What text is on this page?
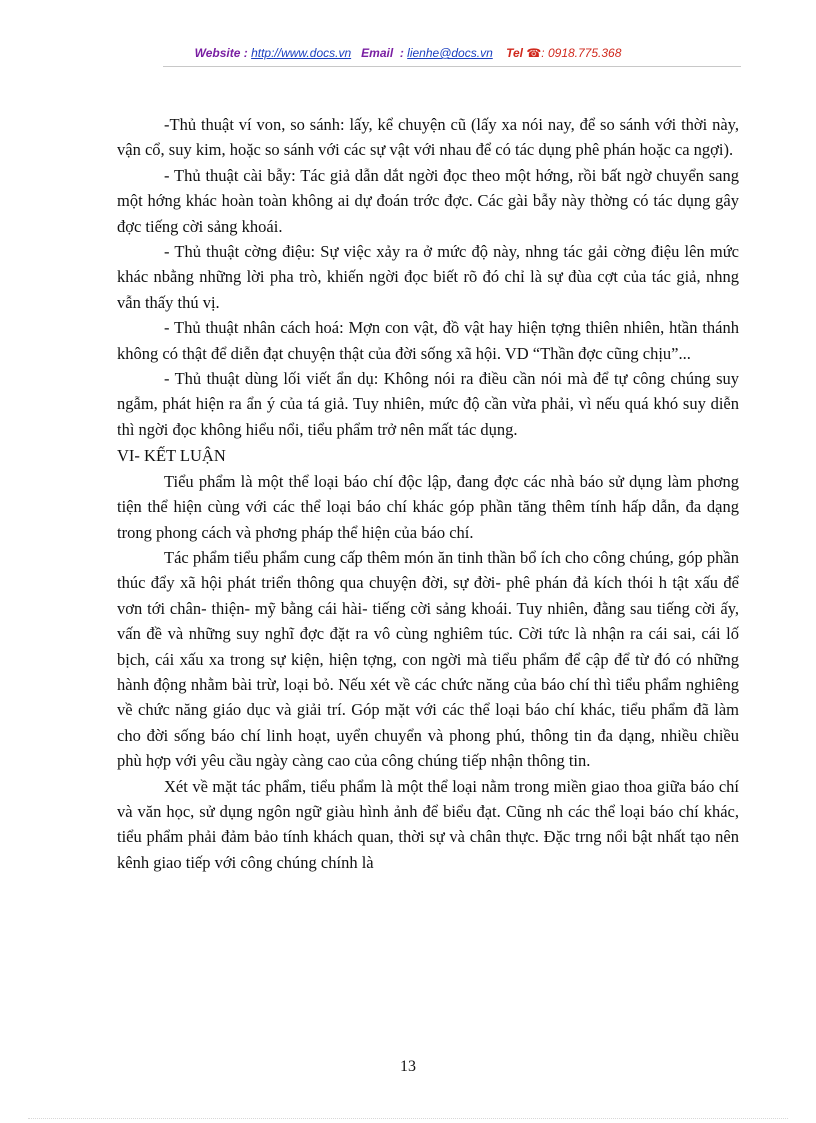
Website : http://www.docs.vn Email : lienhe@docs.vn Tel ☎: 0918.775.368

-Thủ thuật ví von, so sánh: lấy, kể chuyện cũ (lấy xa nói nay, để so sánh với thời này, vận cổ, suy kim, hoặc so sánh với các sự vật với nhau để có tác dụng phê phán hoặc ca ngợi).

- Thủ thuật cài bẫy: Tác giả dẫn dắt ngời đọc theo một hớng, rồi bất ngờ chuyển sang một hớng khác hoàn toàn không ai dự đoán trớc đợc. Các gài bẫy này thờng có tác dụng gây đợc tiếng cời sảng khoái.

- Thủ thuật cờng điệu: Sự việc xảy ra ở mức độ này, nhng tác gải cờng điệu lên mức khác nbằng những lời pha trò, khiến ngời đọc biết rõ đó chỉ là sự đùa cợt của tác giả, nhng vẫn thấy thú vị.

- Thủ thuật nhân cách hoá: Mợn con vật, đồ vật hay hiện tợng thiên nhiên, htần thánh không có thật để diễn đạt chuyện thật của đời sống xã hội. VD “Thần đợc cũng chịu”...

- Thủ thuật dùng lối viết ẩn dụ: Không nói ra điều cần nói mà để tự công chúng suy ngẫm, phát hiện ra ẩn ý của tá giả. Tuy nhiên, mức độ cần vừa phải, vì nếu quá khó suy diễn thì ngời đọc không hiểu nổi, tiểu phẩm trở nên mất tác dụng.

VI- KẾT LUẬN

Tiểu phẩm là một thể loại báo chí độc lập, đang đợc các nhà báo sử dụng làm phơng tiện thể hiện cùng với các thể loại báo chí khác góp phần tăng thêm tính hấp dẫn, đa dạng trong phong cách và phơng pháp thể hiện của báo chí.

Tác phẩm tiểu phẩm cung cấp thêm món ăn tinh thần bổ ích cho công chúng, góp phần thúc đẩy xã hội phát triển thông qua chuyện đời, sự đời- phê phán đả kích thói h tật xấu để vơn tới chân- thiện- mỹ bằng cái hài- tiếng cời sảng khoái. Tuy nhiên, đằng sau tiếng cời ấy, vấn đề và những suy nghĩ đợc đặt ra vô cùng nghiêm túc. Cời tức là nhận ra cái sai, cái lố bịch, cái xấu xa trong sự kiện, hiện tợng, con ngời mà tiểu phẩm để cập để từ đó có những hành động nhằm bài trừ, loại bỏ. Nếu xét về các chức năng của báo chí thì tiểu phẩm nghiêng về chức năng giáo dục và giải trí. Góp mặt với các thể loại báo chí khác, tiểu phẩm đã làm cho đời sống báo chí linh hoạt, uyển chuyển và phong phú, thông tin đa dạng, nhiều chiều phù hợp với yêu cầu ngày càng cao của công chúng tiếp nhận thông tin.

Xét về mặt tác phẩm, tiểu phẩm là một thể loại nằm trong miền giao thoa giữa báo chí và văn học, sử dụng ngôn ngữ giàu hình ảnh để biểu đạt. Cũng nh các thể loại báo chí khác, tiểu phẩm phải đảm bảo tính khách quan, thời sự và chân thực. Đặc trng nổi bật nhất tạo nên kênh giao tiếp với công chúng chính là

13
